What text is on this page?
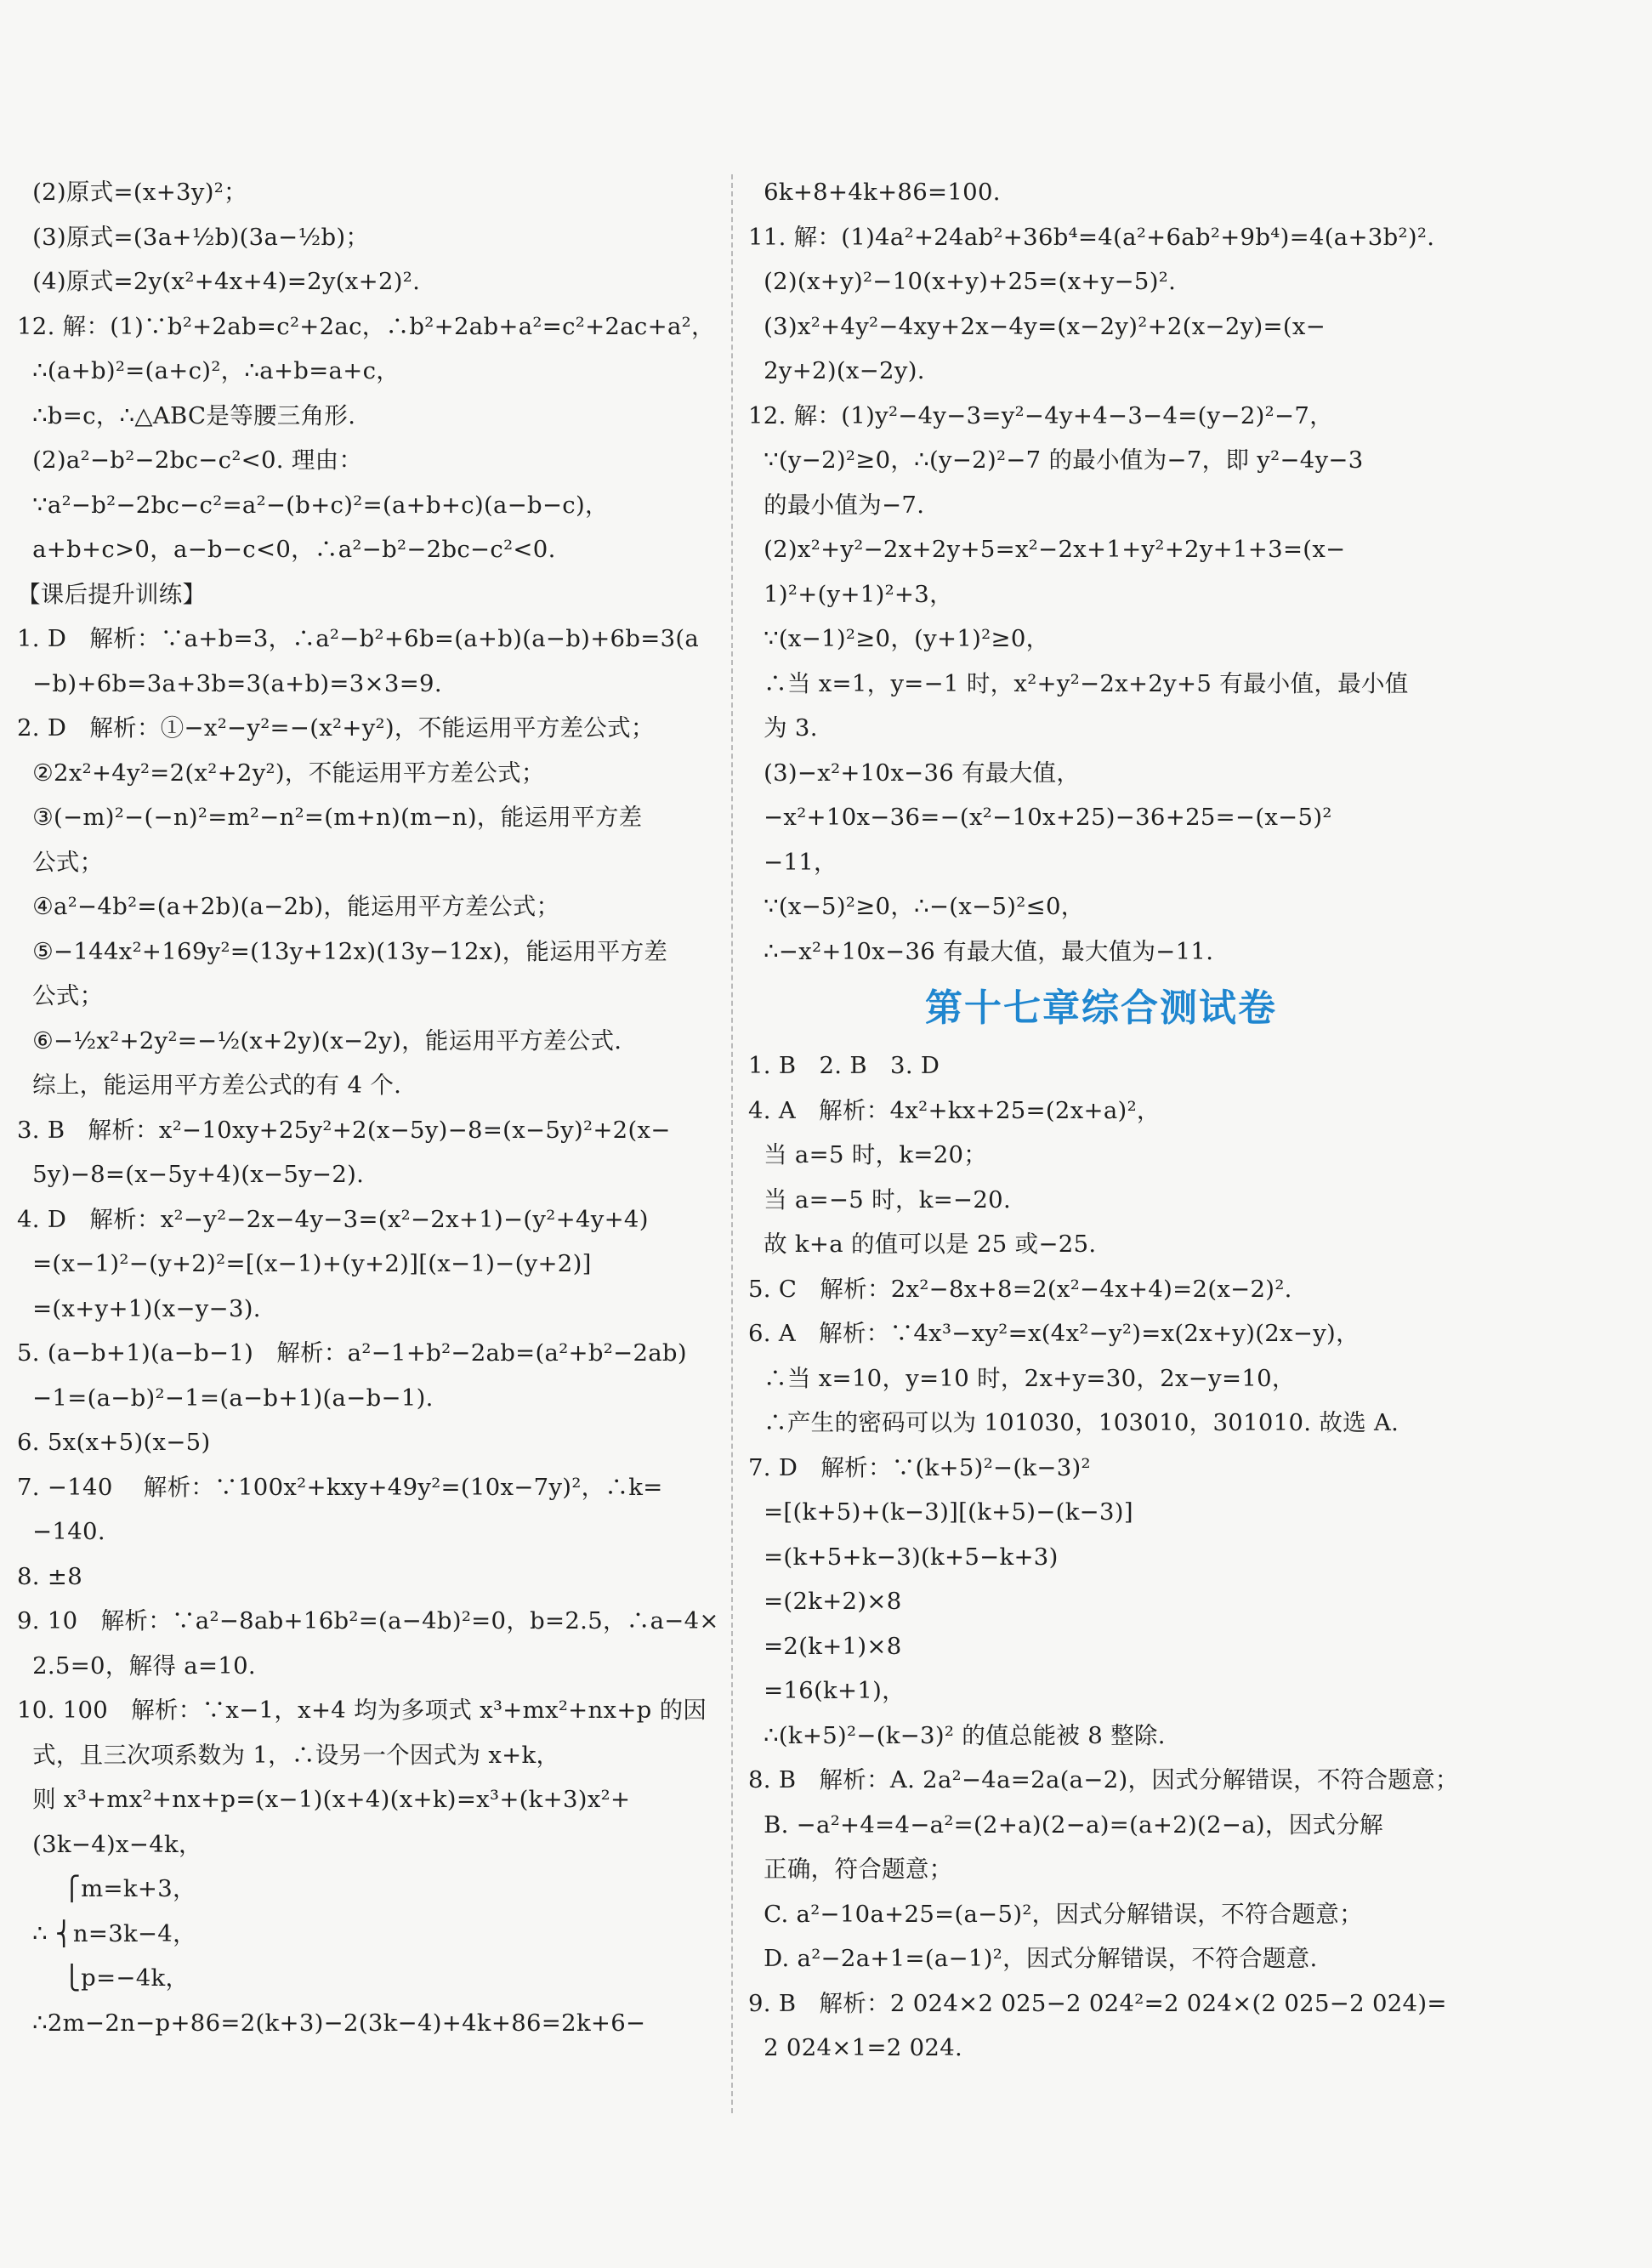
(2)原式=(x+3y)²；
(3)原式=(3a+½b)(3a−½b)；
(4)原式=2y(x²+4x+4)=2y(x+2)².
12. 解：(1)∵b²+2ab=c²+2ac，∴b²+2ab+a²=c²+2ac+a²，
∴(a+b)²=(a+c)²，∴a+b=a+c，
∴b=c，∴△ABC是等腰三角形.
(2)a²−b²−2bc−c²<0. 理由：
∵a²−b²−2bc−c²=a²−(b+c)²=(a+b+c)(a−b−c)，
a+b+c>0，a−b−c<0，∴a²−b²−2bc−c²<0.
【课后提升训练】
1. D   解析：∵a+b=3，∴a²−b²+6b=(a+b)(a−b)+6b=3(a
−b)+6b=3a+3b=3(a+b)=3×3=9.
2. D   解析：①−x²−y²=−(x²+y²)，不能运用平方差公式；
②2x²+4y²=2(x²+2y²)，不能运用平方差公式；
③(−m)²−(−n)²=m²−n²=(m+n)(m−n)，能运用平方差
公式；
④a²−4b²=(a+2b)(a−2b)，能运用平方差公式；
⑤−144x²+169y²=(13y+12x)(13y−12x)，能运用平方差
公式；
⑥−½x²+2y²=−½(x+2y)(x−2y)，能运用平方差公式.
综上，能运用平方差公式的有 4 个.
3. B   解析：x²−10xy+25y²+2(x−5y)−8=(x−5y)²+2(x−
5y)−8=(x−5y+4)(x−5y−2).
4. D   解析：x²−y²−2x−4y−3=(x²−2x+1)−(y²+4y+4)
=(x−1)²−(y+2)²=[(x−1)+(y+2)][(x−1)−(y+2)]
=(x+y+1)(x−y−3).
5. (a−b+1)(a−b−1)   解析：a²−1+b²−2ab=(a²+b²−2ab)
−1=(a−b)²−1=(a−b+1)(a−b−1).
6. 5x(x+5)(x−5)
7. −140    解析：∵100x²+kxy+49y²=(10x−7y)²，∴k=
−140.
8. ±8
9. 10   解析：∵a²−8ab+16b²=(a−4b)²=0，b=2.5，∴a−4×
2.5=0，解得 a=10.
10. 100   解析：∵x−1，x+4 均为多项式 x³+mx²+nx+p 的因
式，且三次项系数为 1，∴设另一个因式为 x+k，
则 x³+mx²+nx+p=(x−1)(x+4)(x+k)=x³+(k+3)x²+
(3k−4)x−4k，
⎧m=k+3，
∴ ⎨n=3k−4，
⎩p=−4k，
∴2m−2n−p+86=2(k+3)−2(3k−4)+4k+86=2k+6−
6k+8+4k+86=100.
11. 解：(1)4a²+24ab²+36b⁴=4(a²+6ab²+9b⁴)=4(a+3b²)².
(2)(x+y)²−10(x+y)+25=(x+y−5)².
(3)x²+4y²−4xy+2x−4y=(x−2y)²+2(x−2y)=(x−
2y+2)(x−2y).
12. 解：(1)y²−4y−3=y²−4y+4−3−4=(y−2)²−7，
∵(y−2)²≥0，∴(y−2)²−7 的最小值为−7，即 y²−4y−3
的最小值为−7.
(2)x²+y²−2x+2y+5=x²−2x+1+y²+2y+1+3=(x−
1)²+(y+1)²+3，
∵(x−1)²≥0，(y+1)²≥0，
∴当 x=1，y=−1 时，x²+y²−2x+2y+5 有最小值，最小值
为 3.
(3)−x²+10x−36 有最大值，
−x²+10x−36=−(x²−10x+25)−36+25=−(x−5)²
−11，
∵(x−5)²≥0，∴−(x−5)²≤0，
∴−x²+10x−36 有最大值，最大值为−11.
第十七章综合测试卷
1. B   2. B   3. D
4. A   解析：4x²+kx+25=(2x+a)²，
当 a=5 时，k=20；
当 a=−5 时，k=−20.
故 k+a 的值可以是 25 或−25.
5. C   解析：2x²−8x+8=2(x²−4x+4)=2(x−2)².
6. A   解析：∵4x³−xy²=x(4x²−y²)=x(2x+y)(2x−y)，
∴当 x=10，y=10 时，2x+y=30，2x−y=10，
∴产生的密码可以为 101030，103010，301010. 故选 A.
7. D   解析：∵(k+5)²−(k−3)²
=[(k+5)+(k−3)][(k+5)−(k−3)]
=(k+5+k−3)(k+5−k+3)
=(2k+2)×8
=2(k+1)×8
=16(k+1)，
∴(k+5)²−(k−3)² 的值总能被 8 整除.
8. B   解析：A. 2a²−4a=2a(a−2)，因式分解错误，不符合题意；
B. −a²+4=4−a²=(2+a)(2−a)=(a+2)(2−a)，因式分解
正确，符合题意；
C. a²−10a+25=(a−5)²，因式分解错误，不符合题意；
D. a²−2a+1=(a−1)²，因式分解错误，不符合题意.
9. B   解析：2 024×2 025−2 024²=2 024×(2 025−2 024)=
2 024×1=2 024.
